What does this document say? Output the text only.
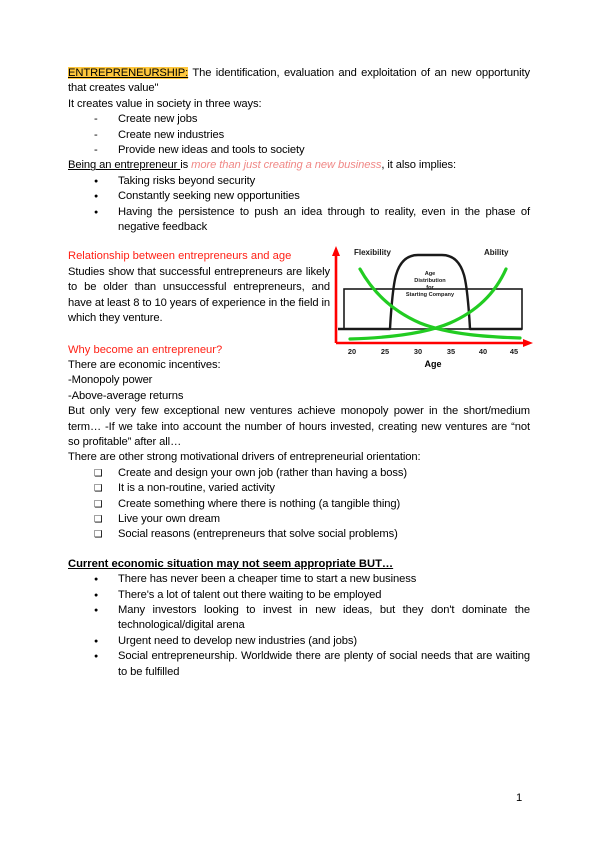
ENTREPRENEURSHIP: The identification, evaluation and exploitation of an new opportunity that creates value"

It creates value in society in three ways:

- Create new jobs
- Create new industries
- Provide new ideas and tools to society

Being an entrepreneur is more than just creating a new business, it also implies:

● Taking risks beyond security
● Constantly seeking new opportunities
● Having the persistence to push an idea through to reality, even in the phase of negative feedback

Relationship between entrepreneurs and age

Studies show that successful entrepreneurs are likely to be older than unsuccessful entrepreneurs, and have at least 8 to 10 years of experience in the field in which they venture.

Age
Distribution
for
Starting Company
Flexibility	Ability
20	25	30	35	40	45
Age

Why become an entrepreneur?

There are economic incentives:

-Monopoly power

-Above-average returns

But only very few exceptional new ventures achieve monopoly power in the short/medium term… -If we take into account the number of hours invested, creating new ventures are “not so profitable” after all…

There are other strong motivational drivers of entrepreneurial orientation:

❑ Create and design your own job (rather than having a boss)
❑ It is a non-routine, varied activity
❑ Create something where there is nothing (a tangible thing)
❑ Live your own dream
❑ Social reasons (entrepreneurs that solve social problems)

Current economic situation may not seem appropriate BUT…

● There has never been a cheaper time to start a new business
● There's a lot of talent out there waiting to be employed
● Many investors looking to invest in new ideas, but they don't dominate the technological/digital arena
● Urgent need to develop new industries (and jobs)
● Social entrepreneurship. Worldwide there are plenty of social needs that are waiting to be fulfilled
1
